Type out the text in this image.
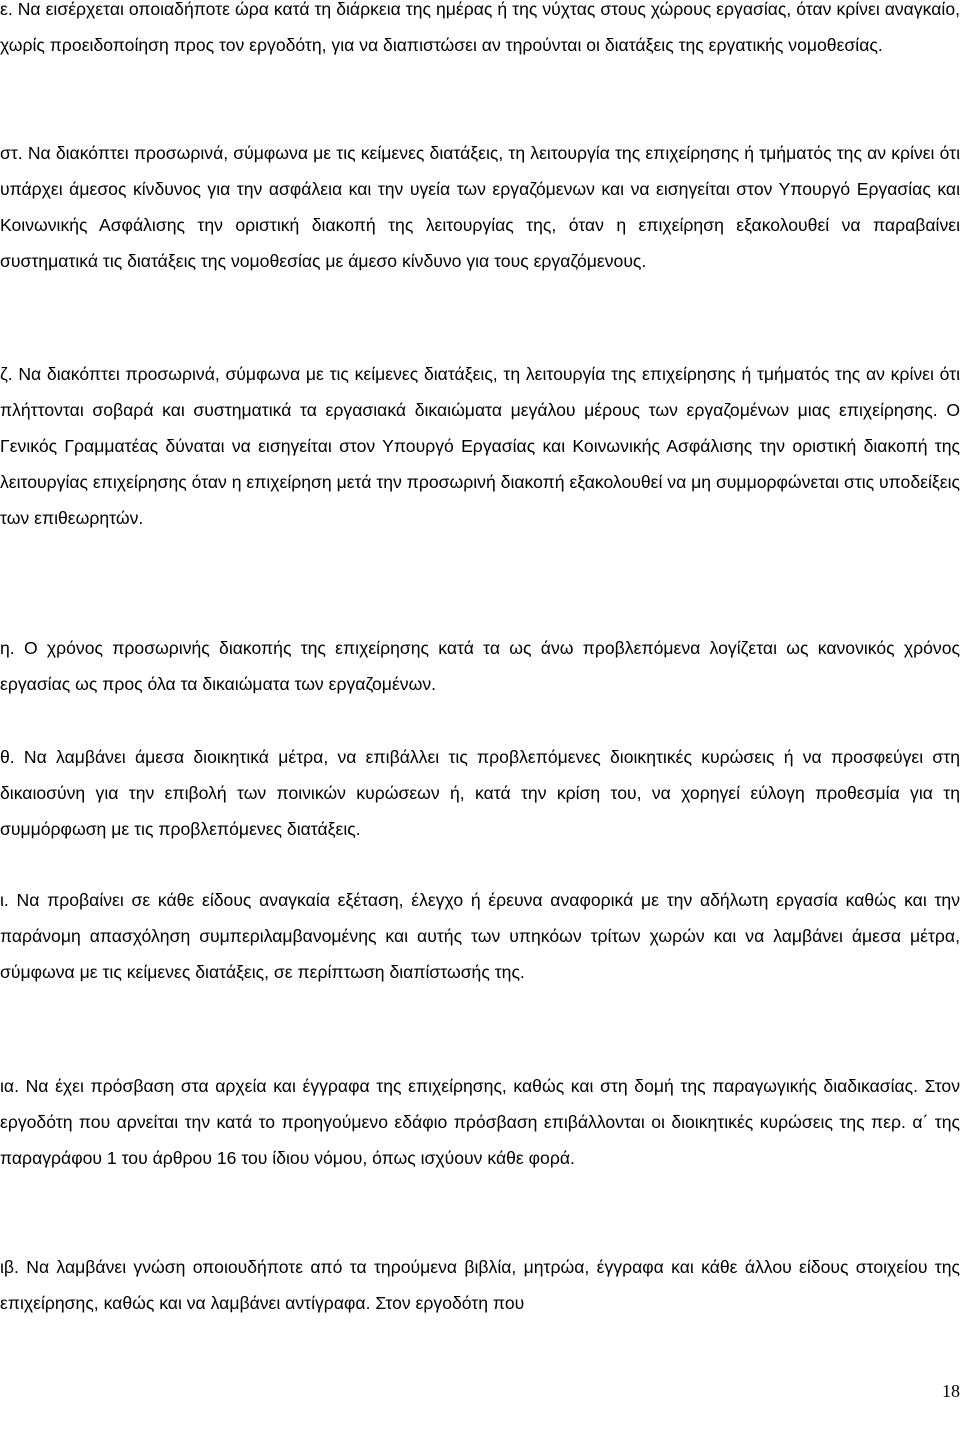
ε. Να εισέρχεται οποιαδήποτε ώρα κατά τη διάρκεια της ημέρας ή της νύχτας στους χώρους εργασίας, όταν κρίνει αναγκαίο, χωρίς προειδοποίηση προς τον εργοδότη, για να διαπιστώσει αν τηρούνται οι διατάξεις της εργατικής νομοθεσίας.

στ. Να διακόπτει προσωρινά, σύμφωνα με τις κείμενες διατάξεις, τη λειτουργία της επιχείρησης ή τμήματός της αν κρίνει ότι υπάρχει άμεσος κίνδυνος για την ασφάλεια και την υγεία των εργαζόμενων και να εισηγείται στον Υπουργό Εργασίας και Κοινωνικής Ασφάλισης την οριστική διακοπή της λειτουργίας της, όταν η επιχείρηση εξακολουθεί να παραβαίνει συστηματικά τις διατάξεις της νομοθεσίας με άμεσο κίνδυνο για τους εργαζόμενους.

ζ. Να διακόπτει προσωρινά, σύμφωνα με τις κείμενες διατάξεις, τη λειτουργία της επιχείρησης ή τμήματός της αν κρίνει ότι πλήττονται σοβαρά και συστηματικά τα εργασιακά δικαιώματα μεγάλου μέρους των εργαζομένων μιας επιχείρησης. Ο Γενικός Γραμματέας δύναται να εισηγείται στον Υπουργό Εργασίας και Κοινωνικής Ασφάλισης την οριστική διακοπή της λειτουργίας επιχείρησης όταν η επιχείρηση μετά την προσωρινή διακοπή εξακολουθεί να μη συμμορφώνεται στις υποδείξεις των επιθεωρητών.

η. Ο χρόνος προσωρινής διακοπής της επιχείρησης κατά τα ως άνω προβλεπόμενα λογίζεται ως κανονικός χρόνος εργασίας ως προς όλα τα δικαιώματα των εργαζομένων.

θ. Να λαμβάνει άμεσα διοικητικά μέτρα, να επιβάλλει τις προβλεπόμενες διοικητικές κυρώσεις ή να προσφεύγει στη δικαιοσύνη για την επιβολή των ποινικών κυρώσεων ή, κατά την κρίση του, να χορηγεί εύλογη προθεσμία για τη συμμόρφωση με τις προβλεπόμενες διατάξεις.

ι. Να προβαίνει σε κάθε είδους αναγκαία εξέταση, έλεγχο ή έρευνα αναφορικά με την αδήλωτη εργασία καθώς και την παράνομη απασχόληση συμπεριλαμβανομένης και αυτής των υπηκόων τρίτων χωρών και να λαμβάνει άμεσα μέτρα, σύμφωνα με τις κείμενες διατάξεις, σε περίπτωση διαπίστωσής της.

ια. Να έχει πρόσβαση στα αρχεία και έγγραφα της επιχείρησης, καθώς και στη δομή της παραγωγικής διαδικασίας. Στον εργοδότη που αρνείται την κατά το προηγούμενο εδάφιο πρόσβαση επιβάλλονται οι διοικητικές κυρώσεις της περ. α΄ της παραγράφου 1 του άρθρου 16 του ίδιου νόμου, όπως ισχύουν κάθε φορά.

ιβ. Να λαμβάνει γνώση οποιουδήποτε από τα τηρούμενα βιβλία, μητρώα, έγγραφα και κάθε άλλου είδους στοιχείου της επιχείρησης, καθώς και να λαμβάνει αντίγραφα. Στον εργοδότη που

18
